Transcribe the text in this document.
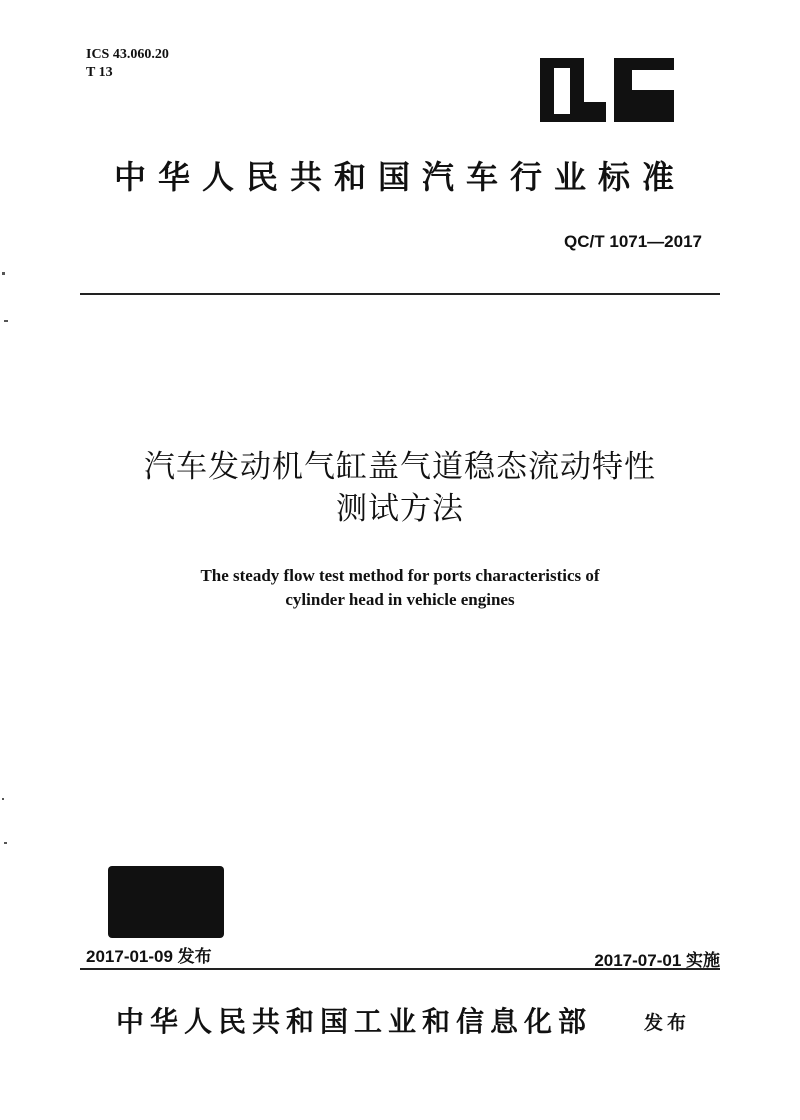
ICS 43.060.20
T 13
中华人民共和国汽车行业标准
QC/T 1071—2017
汽车发动机气缸盖气道稳态流动特性
测试方法
The steady flow test method for ports characteristics of
cylinder head in vehicle engines
2017-01-09 发布	2017-07-01 实施
中华人民共和国工业和信息化部	发布
